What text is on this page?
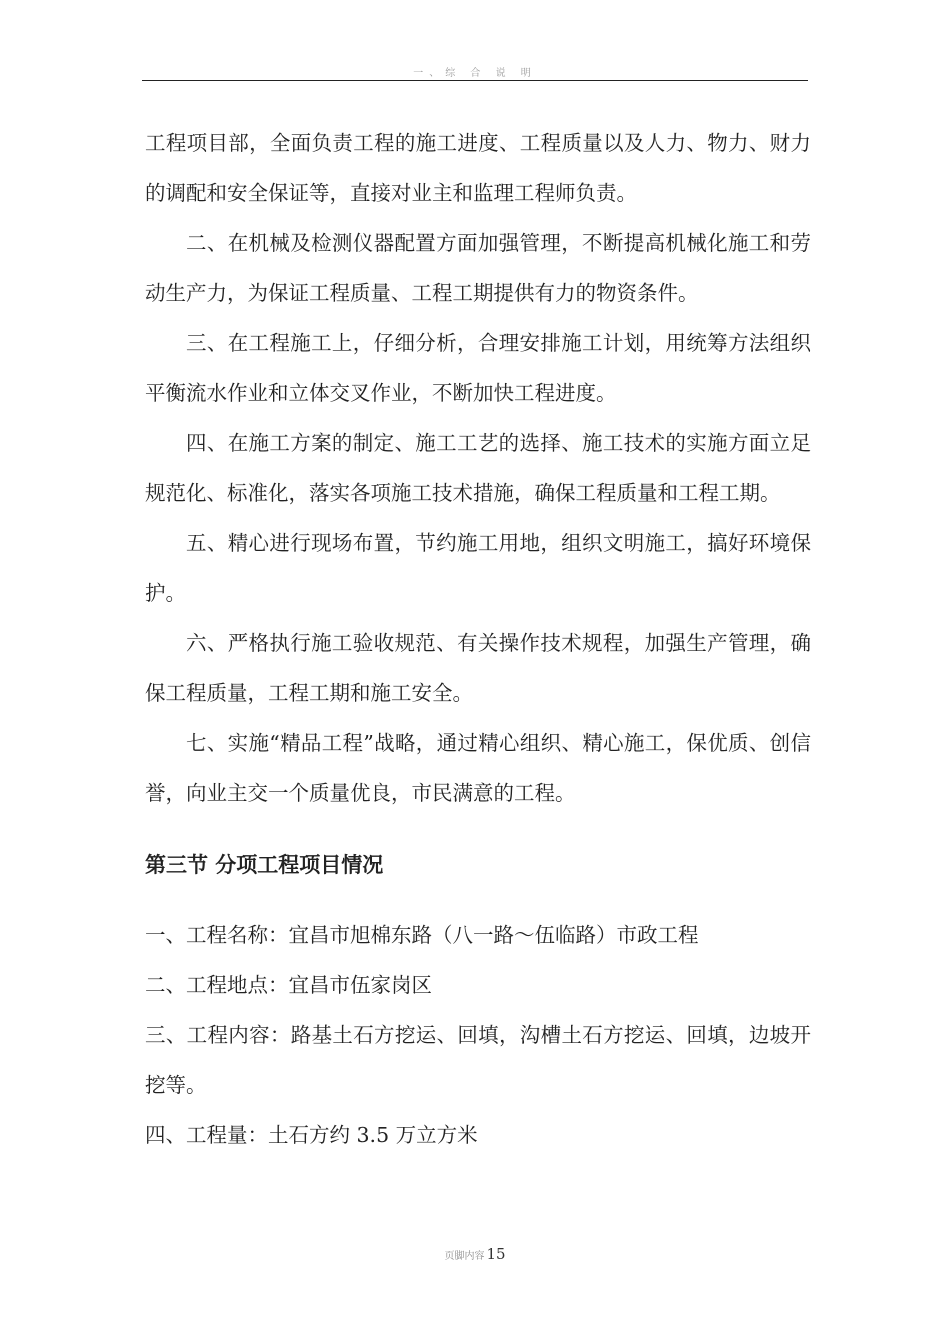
一、综 合 说 明

工程项目部，全面负责工程的施工进度、工程质量以及人力、物力、财力的调配和安全保证等，直接对业主和监理工程师负责。

二、在机械及检测仪器配置方面加强管理，不断提高机械化施工和劳动生产力，为保证工程质量、工程工期提供有力的物资条件。

三、在工程施工上，仔细分析，合理安排施工计划，用统筹方法组织平衡流水作业和立体交叉作业，不断加快工程进度。

四、在施工方案的制定、施工工艺的选择、施工技术的实施方面立足规范化、标准化，落实各项施工技术措施，确保工程质量和工程工期。

五、精心进行现场布置，节约施工用地，组织文明施工，搞好环境保护。

六、严格执行施工验收规范、有关操作技术规程，加强生产管理，确保工程质量，工程工期和施工安全。

七、实施“精品工程”战略，通过精心组织、精心施工，保优质、创信誉，向业主交一个质量优良，市民满意的工程。

第三节 分项工程项目情况

一、工程名称：宜昌市旭棉东路（八一路～伍临路）市政工程

二、工程地点：宜昌市伍家岗区

三、工程内容：路基土石方挖运、回填，沟槽土石方挖运、回填，边坡开挖等。

四、工程量：土石方约 3.5 万立方米

页脚内容 15
